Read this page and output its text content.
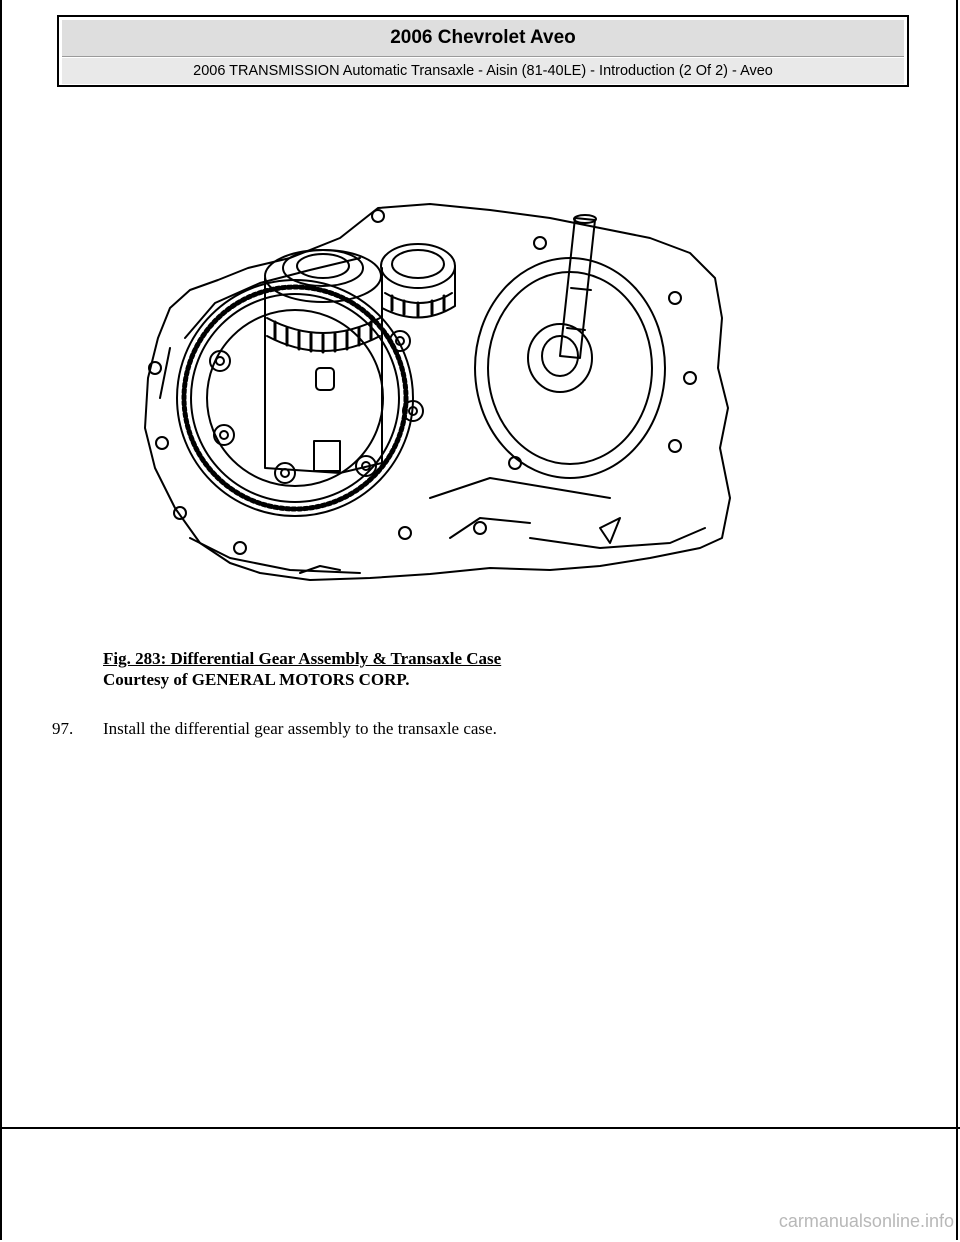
2006 Chevrolet Aveo
2006 TRANSMISSION Automatic Transaxle - Aisin (81-40LE) - Introduction (2 Of 2) - Aveo
Fig. 283: Differential Gear Assembly & Transaxle Case
Courtesy of GENERAL MOTORS CORP.
97. Install the differential gear assembly to the transaxle case.
carmanualsonline.info
